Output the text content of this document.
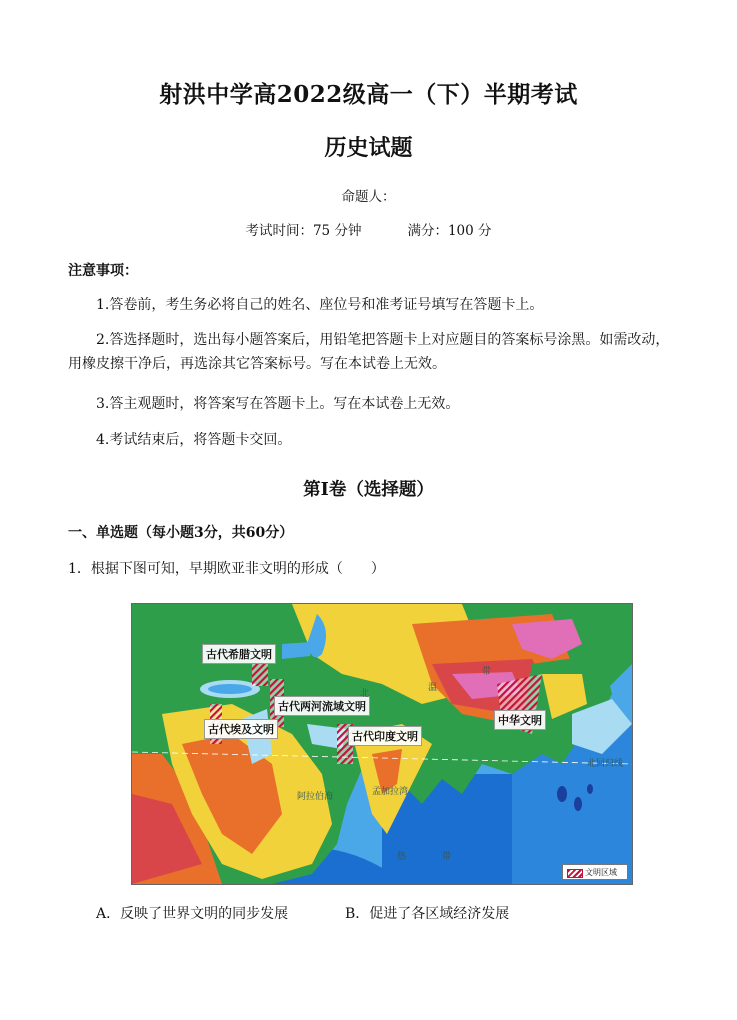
射洪中学高2022级高一（下）半期考试
历史试题
命题人：
考试时间：75 分钟	满分：100 分
注意事项：
1.答卷前，考生务必将自己的姓名、座位号和准考证号填写在答题卡上。
2.答选择题时，选出每小题答案后，用铅笔把答题卡上对应题目的答案标号涂黑。如需改动，用橡皮擦干净后，再选涂其它答案标号。写在本试卷上无效。
3.答主观题时，将答案写在答题卡上。写在本试卷上无效。
4.考试结束后，将答题卡交回。
第Ⅰ卷（选择题）
一、单选题（每小题3分，共60分）
1．根据下图可知，早期欧亚非文明的形成（　　）
古代希腊文明
古代两河流域文明
古代埃及文明
古代印度文明
中华文明
北
温
带
北回归线
阿拉伯海	孟加拉湾
热	带
文明区域
A．反映了世界文明的同步发展	B．促进了各区域经济发展
